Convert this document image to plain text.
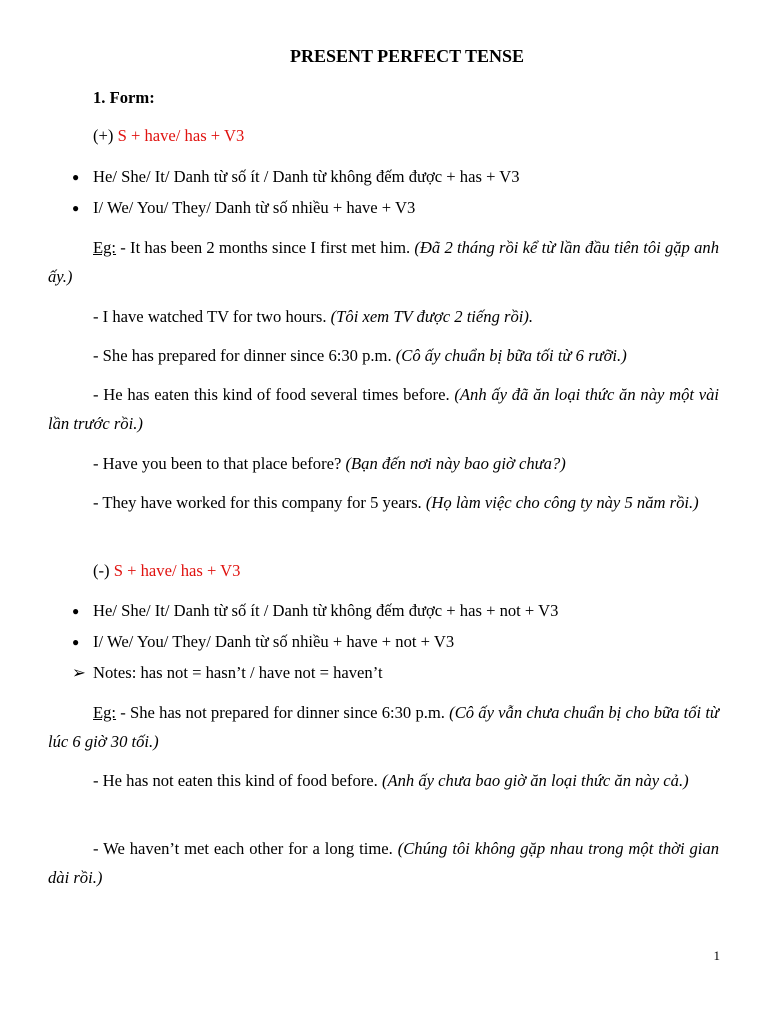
PRESENT PERFECT TENSE
1. Form:
(+) S + have/ has + V3
● He/ She/ It/ Danh từ số ít / Danh từ không đếm được + has + V3
● I/ We/ You/ They/ Danh từ số nhiều + have + V3
Eg: - It has been 2 months since I first met him. (Đã 2 tháng rồi kể từ lần đầu tiên tôi gặp anh ấy.)
- I have watched TV for two hours. (Tôi xem TV được 2 tiếng rồi).
- She has prepared for dinner since 6:30 p.m. (Cô ấy chuẩn bị bữa tối từ 6 rưỡi.)
- He has eaten this kind of food several times before. (Anh ấy đã ăn loại thức ăn này một vài lần trước rồi.)
- Have you been to that place before? (Bạn đến nơi này bao giờ chưa?)
- They have worked for this company for 5 years. (Họ làm việc cho công ty này 5 năm rồi.)
(-) S + have/ has + V3
● He/ She/ It/ Danh từ số ít / Danh từ không đếm được + has + not + V3
● I/ We/ You/ They/ Danh từ số nhiều + have + not + V3
➢ Notes: has not = hasn’t / have not = haven’t
Eg: - She has not prepared for dinner since 6:30 p.m. (Cô ấy vẫn chưa chuẩn bị cho bữa tối từ lúc 6 giờ 30 tối.)
- He has not eaten this kind of food before. (Anh ấy chưa bao giờ ăn loại thức ăn này cả.)
- We haven’t met each other for a long time. (Chúng tôi không gặp nhau trong một thời gian dài rồi.)
1
